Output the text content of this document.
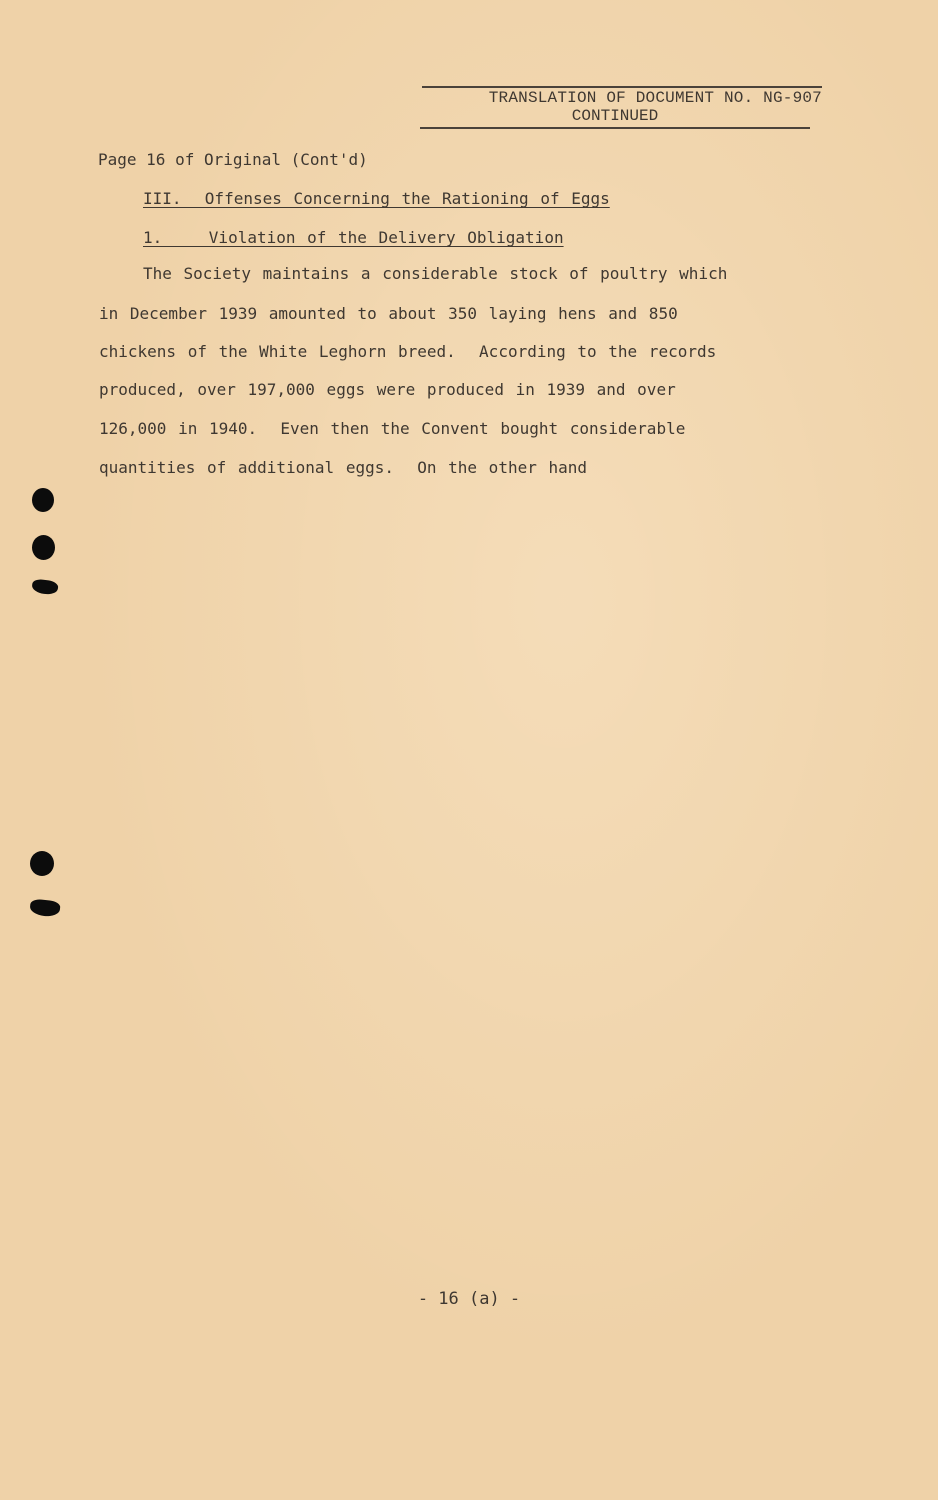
TRANSLATION OF DOCUMENT NO. NG-907
CONTINUED
Page 16 of Original (Cont'd)
III.  Offenses Concerning the Rationing of Eggs
1.    Violation of the Delivery Obligation
The Society maintains a considerable stock of poultry which
in December 1939 amounted to about 350 laying hens and 850
chickens of the White Leghorn breed.  According to the records
produced, over 197,000 eggs were produced in 1939 and over
126,000 in 1940.  Even then the Convent bought considerable
quantities of additional eggs.  On the other hand
- 16 (a) -
